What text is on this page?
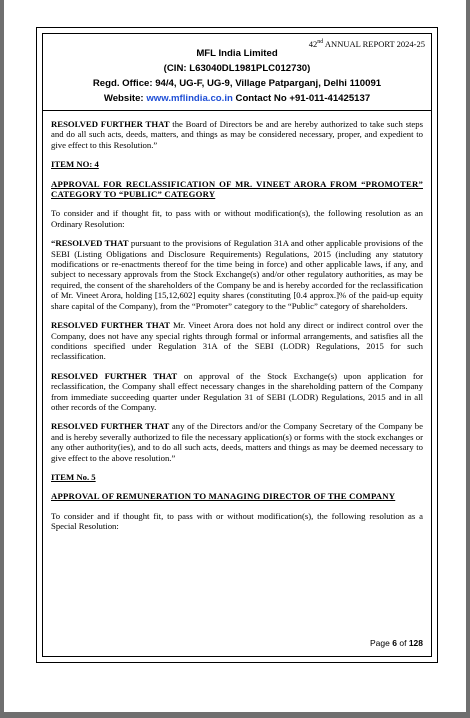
42nd ANNUAL REPORT 2024-25
MFL India Limited
(CIN: L63040DL1981PLC012730)
Regd. Office: 94/4, UG-F, UG-9, Village Patparganj, Delhi 110091
Website: www.mflindia.co.in Contact No +91-011-41425137

RESOLVED FURTHER THAT the Board of Directors be and are hereby authorized to take such steps and do all such acts, deeds, matters, and things as may be considered necessary, proper, and expedient to give effect to this Resolution.”

ITEM NO: 4
APPROVAL FOR RECLASSIFICATION OF MR. VINEET ARORA FROM “PROMOTER” CATEGORY TO “PUBLIC” CATEGORY

To consider and if thought fit, to pass with or without modification(s), the following resolution as an Ordinary Resolution:

“RESOLVED THAT pursuant to the provisions of Regulation 31A and other applicable provisions of the SEBI (Listing Obligations and Disclosure Requirements) Regulations, 2015 (including any statutory modifications or re-enactments thereof for the time being in force) and other applicable laws, if any, and subject to necessary approvals from the Stock Exchange(s) and/or other regulatory authorities, as may be required, the consent of the shareholders of the Company be and is hereby accorded for the reclassification of Mr. Vineet Arora, holding [15,12,602] equity shares (constituting [0.4 approx.]% of the paid-up equity share capital of the Company), from the “Promoter” category to the “Public” category of shareholders.

RESOLVED FURTHER THAT Mr. Vineet Arora does not hold any direct or indirect control over the Company, does not have any special rights through formal or informal arrangements, and satisfies all the conditions specified under Regulation 31A of the SEBI (LODR) Regulations, 2015 for such reclassification.

RESOLVED FURTHER THAT on approval of the Stock Exchange(s) upon application for reclassification, the Company shall effect necessary changes in the shareholding pattern of the Company from immediate succeeding quarter under Regulation 31 of SEBI (LODR) Regulations, 2015 and in all other records of the Company.

RESOLVED FURTHER THAT any of the Directors and/or the Company Secretary of the Company be and is hereby severally authorized to file the necessary application(s) or forms with the stock exchanges or any other authority(ies), and to do all such acts, deeds, matters and things as may be deemed necessary to give effect to the above resolution.”

ITEM No. 5
APPROVAL OF REMUNERATION TO MANAGING DIRECTOR OF THE COMPANY

To consider and if thought fit, to pass with or without modification(s), the following resolution as a Special Resolution:

Page 6 of 128
